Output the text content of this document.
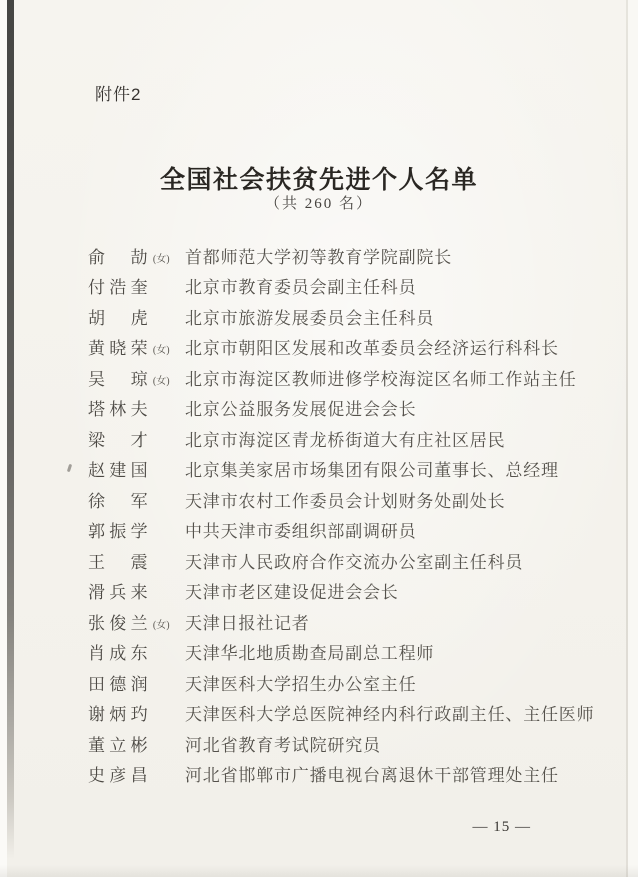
附件2
全国社会扶贫先进个人名单
（共 260 名）
俞　劼 (女) 首都师范大学初等教育学院副院长
付浩奎 北京市教育委员会副主任科员
胡　虎 北京市旅游发展委员会主任科员
黄晓荣 (女) 北京市朝阳区发展和改革委员会经济运行科科长
吴　琼 (女) 北京市海淀区教师进修学校海淀区名师工作站主任
塔林夫 北京公益服务发展促进会会长
梁　才 北京市海淀区青龙桥街道大有庄社区居民
赵建国 北京集美家居市场集团有限公司董事长、总经理
徐　军 天津市农村工作委员会计划财务处副处长
郭振学 中共天津市委组织部副调研员
王　震 天津市人民政府合作交流办公室副主任科员
滑兵来 天津市老区建设促进会会长
张俊兰 (女) 天津日报社记者
肖成东 天津华北地质勘查局副总工程师
田德润 天津医科大学招生办公室主任
谢炳玓 天津医科大学总医院神经内科行政副主任、主任医师
董立彬 河北省教育考试院研究员
史彦昌 河北省邯郸市广播电视台离退休干部管理处主任
— 15 —
